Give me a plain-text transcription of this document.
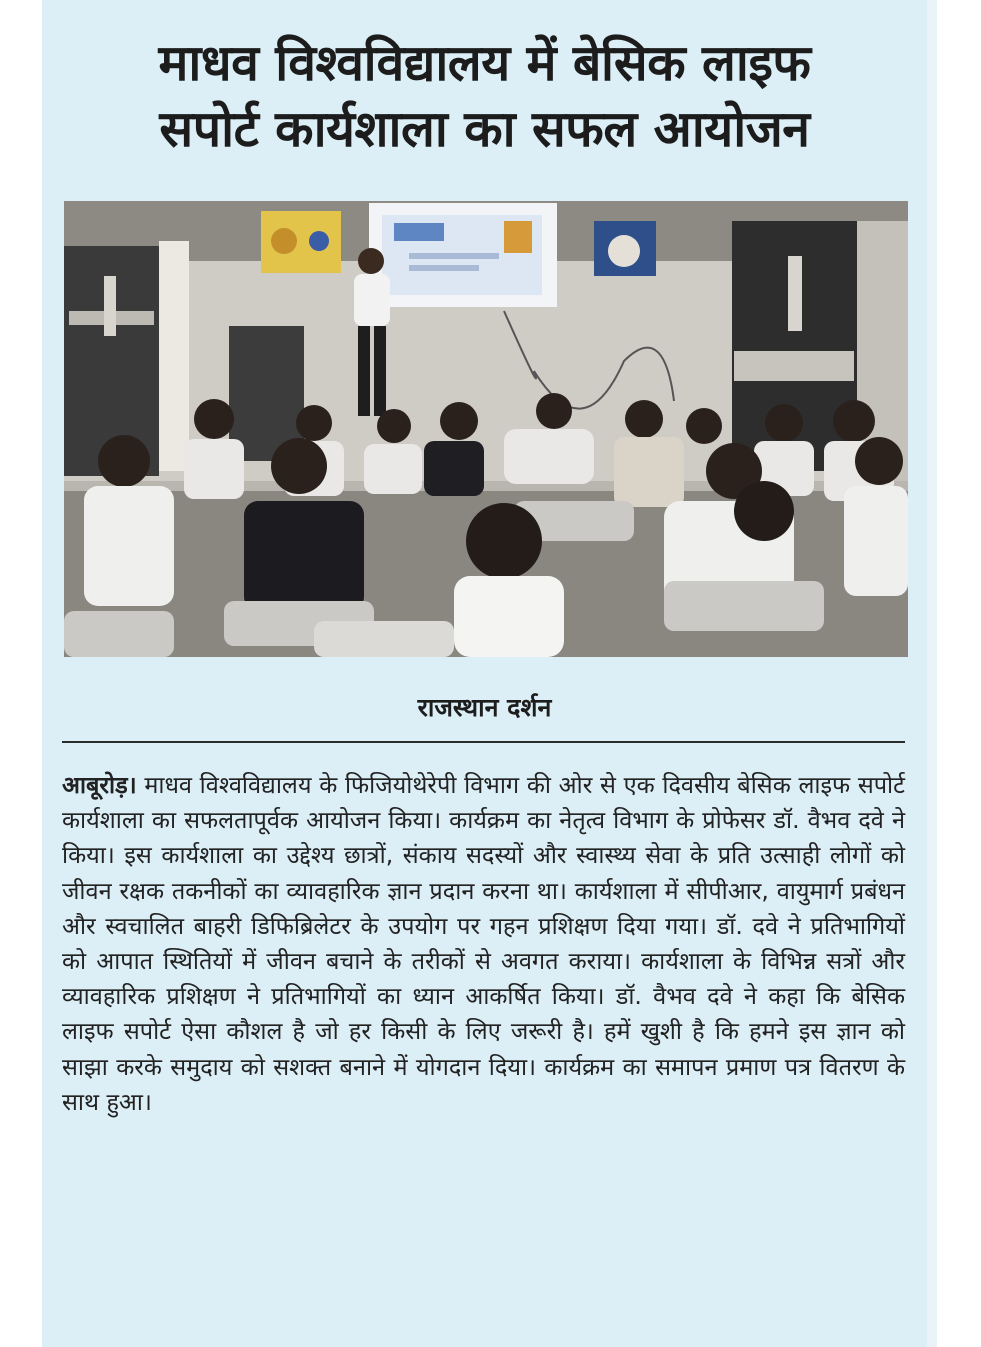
माधव विश्वविद्यालय में बेसिक लाइफ
सपोर्ट कार्यशाला का सफल आयोजन
राजस्थान दर्शन

आबूरोड़। माधव विश्वविद्यालय के फिजियोथेरेपी विभाग की ओर से एक दिवसीय बेसिक लाइफ सपोर्ट कार्यशाला का सफलतापूर्वक आयोजन किया। कार्यक्रम का नेतृत्व विभाग के प्रोफेसर डॉ. वैभव दवे ने किया। इस कार्यशाला का उद्देश्य छात्रों, संकाय सदस्यों और स्वास्थ्य सेवा के प्रति उत्साही लोगों को जीवन रक्षक तकनीकों का व्यावहारिक ज्ञान प्रदान करना था। कार्यशाला में सीपीआर, वायुमार्ग प्रबंधन और स्वचालित बाहरी डिफिब्रिलेटर के उपयोग पर गहन प्रशिक्षण दिया गया। डॉ. दवे ने प्रतिभागियों को आपात स्थितियों में जीवन बचाने के तरीकों से अवगत कराया। कार्यशाला के विभिन्न सत्रों और व्यावहारिक प्रशिक्षण ने प्रतिभागियों का ध्यान आकर्षित किया। डॉ. वैभव दवे ने कहा कि बेसिक लाइफ सपोर्ट ऐसा कौशल है जो हर किसी के लिए जरूरी है। हमें खुशी है कि हमने इस ज्ञान को साझा करके समुदाय को सशक्त बनाने में योगदान दिया। कार्यक्रम का समापन प्रमाण पत्र वितरण के साथ हुआ।
